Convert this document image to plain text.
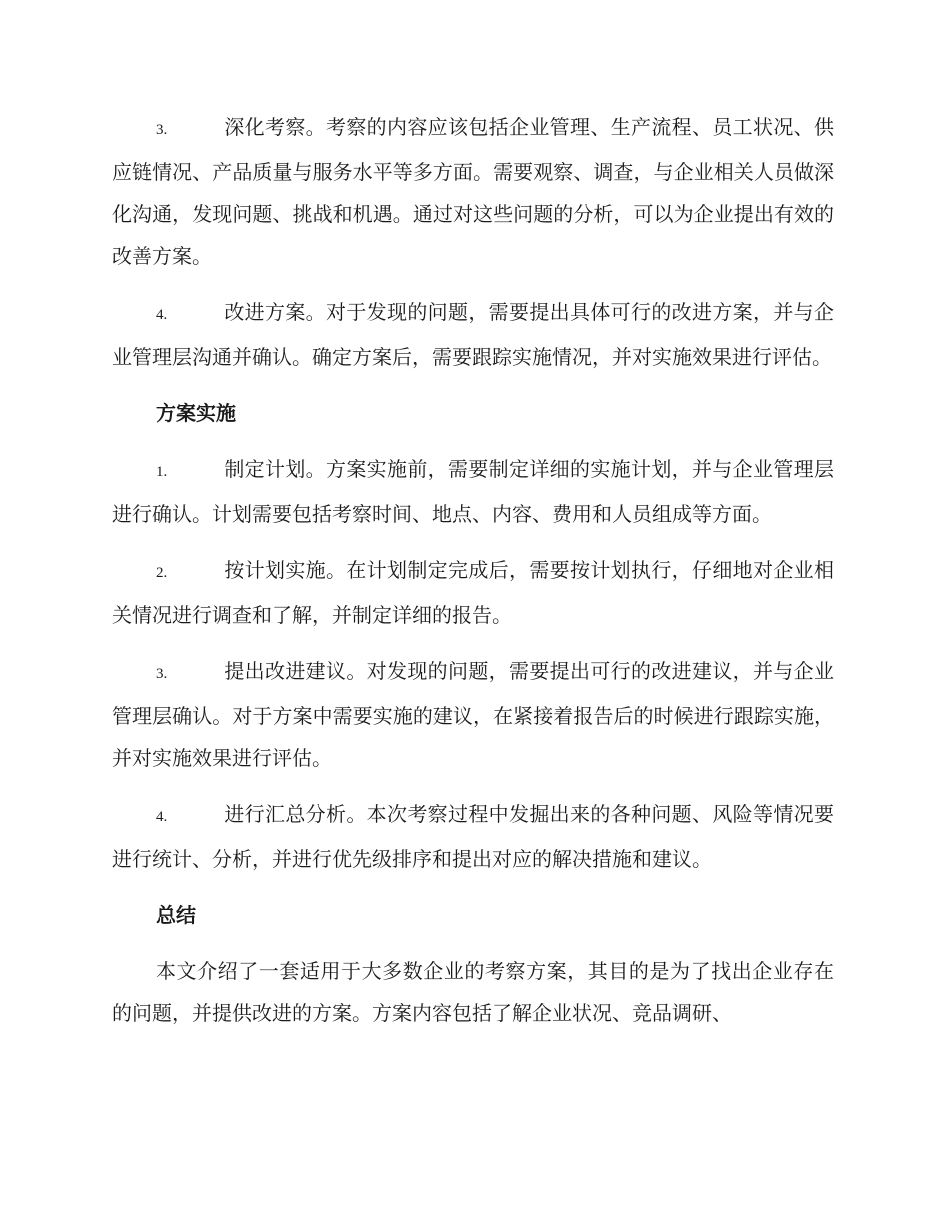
3.	深化考察。考察的内容应该包括企业管理、生产流程、员工状况、供应链情况、产品质量与服务水平等多方面。需要观察、调查，与企业相关人员做深化沟通，发现问题、挑战和机遇。通过对这些问题的分析，可以为企业提出有效的改善方案。

4.	改进方案。对于发现的问题，需要提出具体可行的改进方案，并与企业管理层沟通并确认。确定方案后，需要跟踪实施情况，并对实施效果进行评估。

方案实施

1.	制定计划。方案实施前，需要制定详细的实施计划，并与企业管理层进行确认。计划需要包括考察时间、地点、内容、费用和人员组成等方面。

2.	按计划实施。在计划制定完成后，需要按计划执行，仔细地对企业相关情况进行调查和了解，并制定详细的报告。

3.	提出改进建议。对发现的问题，需要提出可行的改进建议，并与企业管理层确认。对于方案中需要实施的建议，在紧接着报告后的时候进行跟踪实施，并对实施效果进行评估。

4.	进行汇总分析。本次考察过程中发掘出来的各种问题、风险等情况要进行统计、分析，并进行优先级排序和提出对应的解决措施和建议。

总结

本文介绍了一套适用于大多数企业的考察方案，其目的是为了找出企业存在的问题，并提供改进的方案。方案内容包括了解企业状况、竞品调研、
